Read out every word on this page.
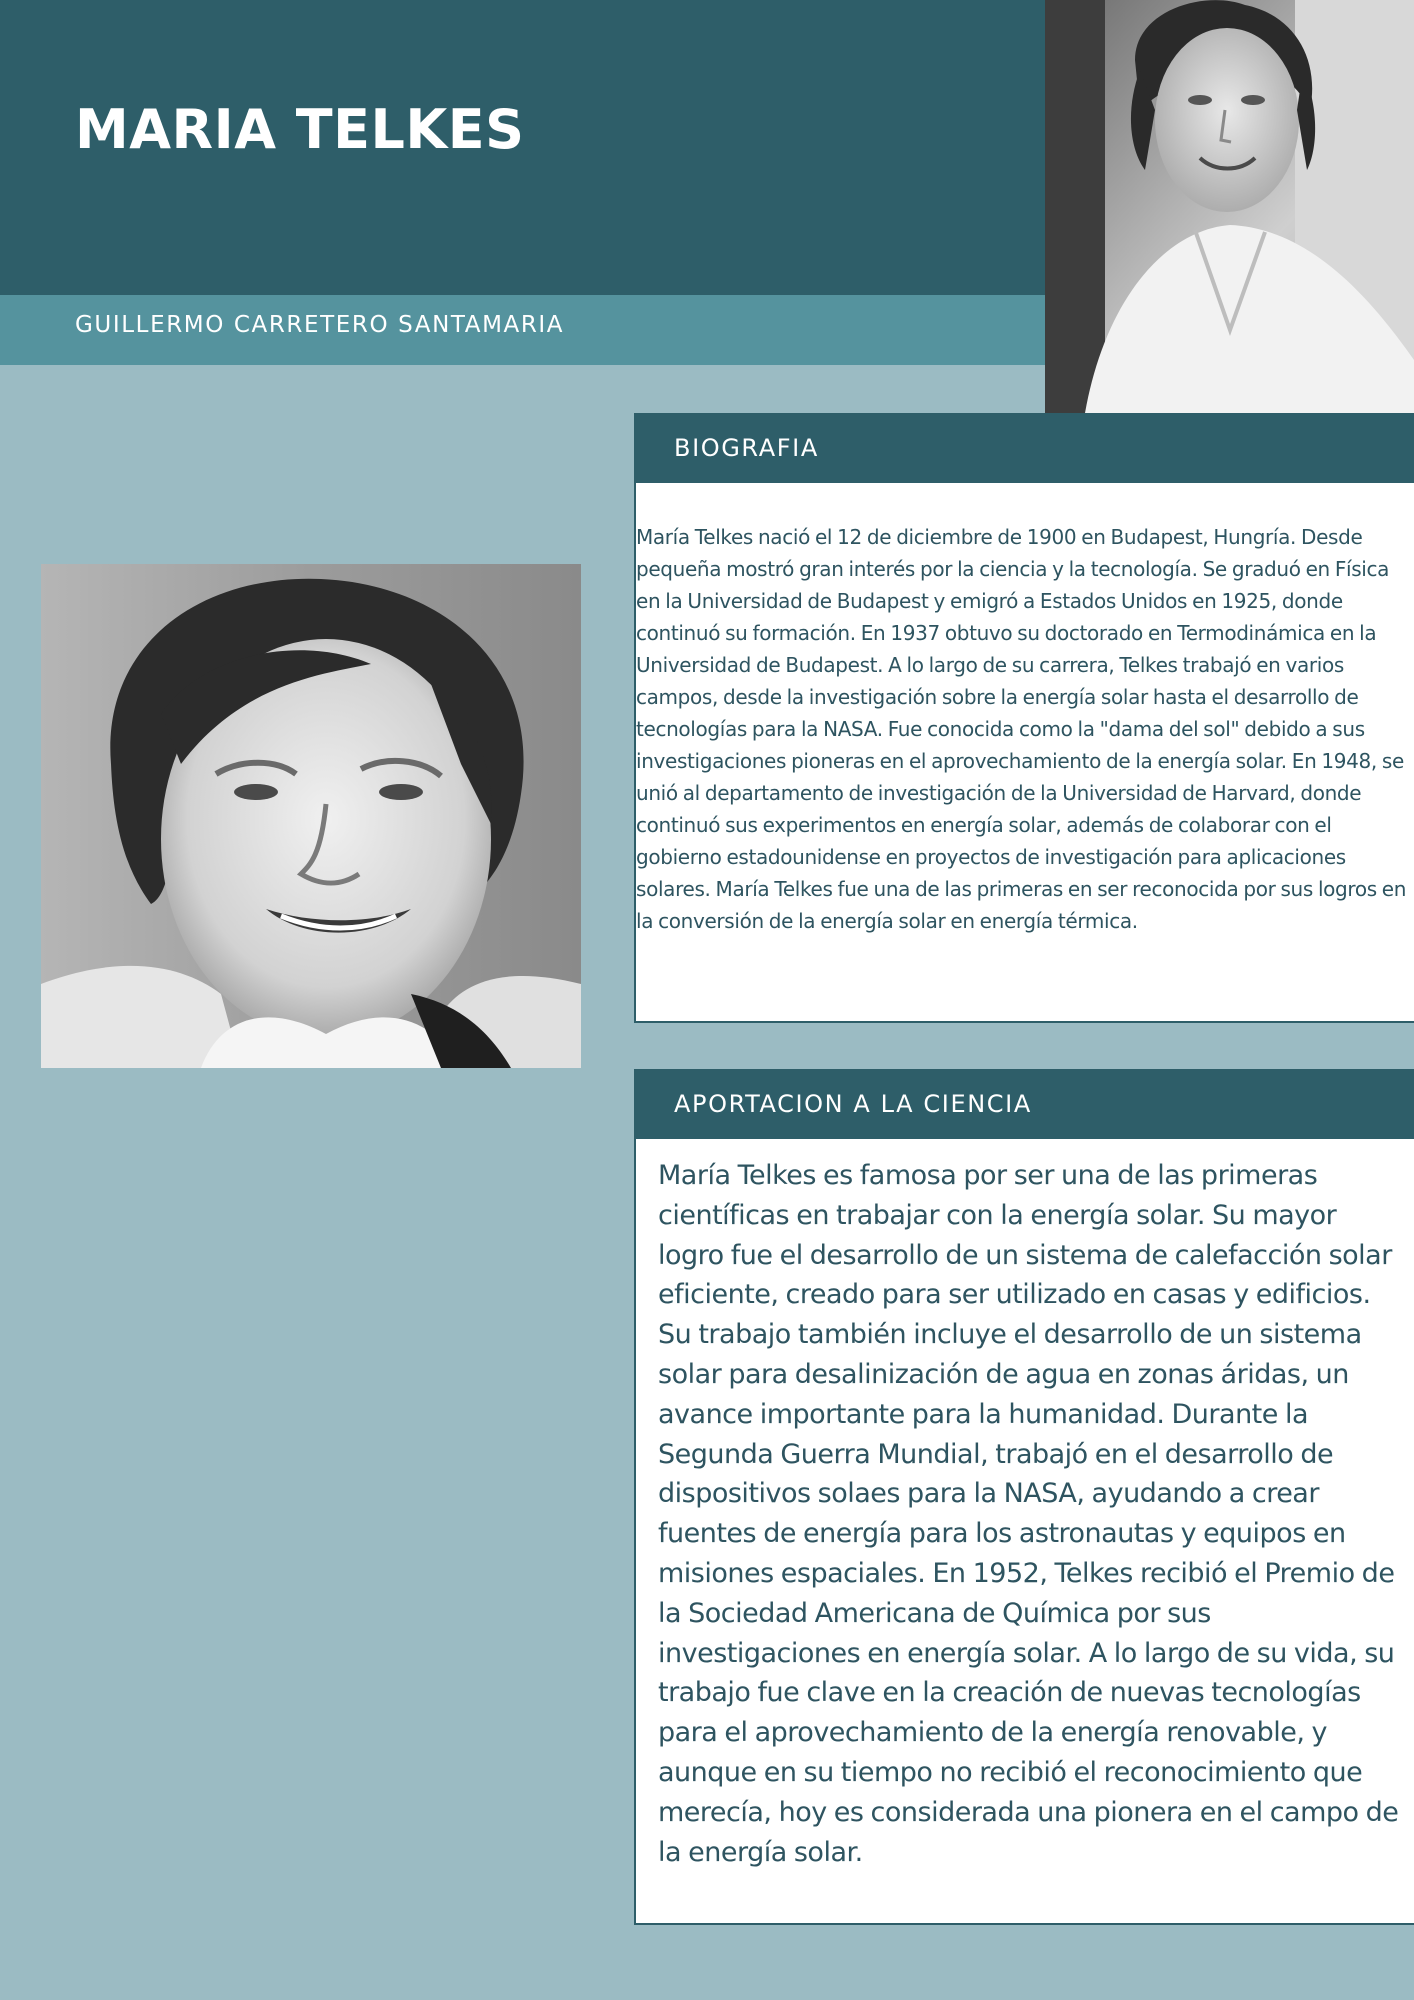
MARIA TELKES
GUILLERMO CARRETERO SANTAMARIA
BIOGRAFIA

María Telkes nació el 12 de diciembre de 1900 en Budapest, Hungría. Desde pequeña mostró gran interés por la ciencia y la tecnología. Se graduó en Física en la Universidad de Budapest y emigró a Estados Unidos en 1925, donde continuó su formación. En 1937 obtuvo su doctorado en Termodinámica en la Universidad de Budapest. A lo largo de su carrera, Telkes trabajó en varios campos, desde la investigación sobre la energía solar hasta el desarrollo de tecnologías para la NASA. Fue conocida como la "dama del sol" debido a sus investigaciones pioneras en el aprovechamiento de la energía solar. En 1948, se unió al departamento de investigación de la Universidad de Harvard, donde continuó sus experimentos en energía solar, además de colaborar con el gobierno estadounidense en proyectos de investigación para aplicaciones solares. María Telkes fue una de las primeras en ser reconocida por sus logros en la conversión de la energía solar en energía térmica.

APORTACION A LA CIENCIA
María Telkes es famosa por ser una de las primeras
científicas en trabajar con la energía solar. Su mayor
logro fue el desarrollo de un sistema de calefacción solar
eficiente, creado para ser utilizado en casas y edificios.
Su trabajo también incluye el desarrollo de un sistema
solar para desalinización de agua en zonas áridas, un
avance importante para la humanidad. Durante la
Segunda Guerra Mundial, trabajó en el desarrollo de
dispositivos solaes para la NASA, ayudando a crear
fuentes de energía para los astronautas y equipos en
misiones espaciales. En 1952, Telkes recibió el Premio de
la Sociedad Americana de Química por sus
investigaciones en energía solar. A lo largo de su vida, su
trabajo fue clave en la creación de nuevas tecnologías
para el aprovechamiento de la energía renovable, y
aunque en su tiempo no recibió el reconocimiento que
merecía, hoy es considerada una pionera en el campo de
la energía solar.
